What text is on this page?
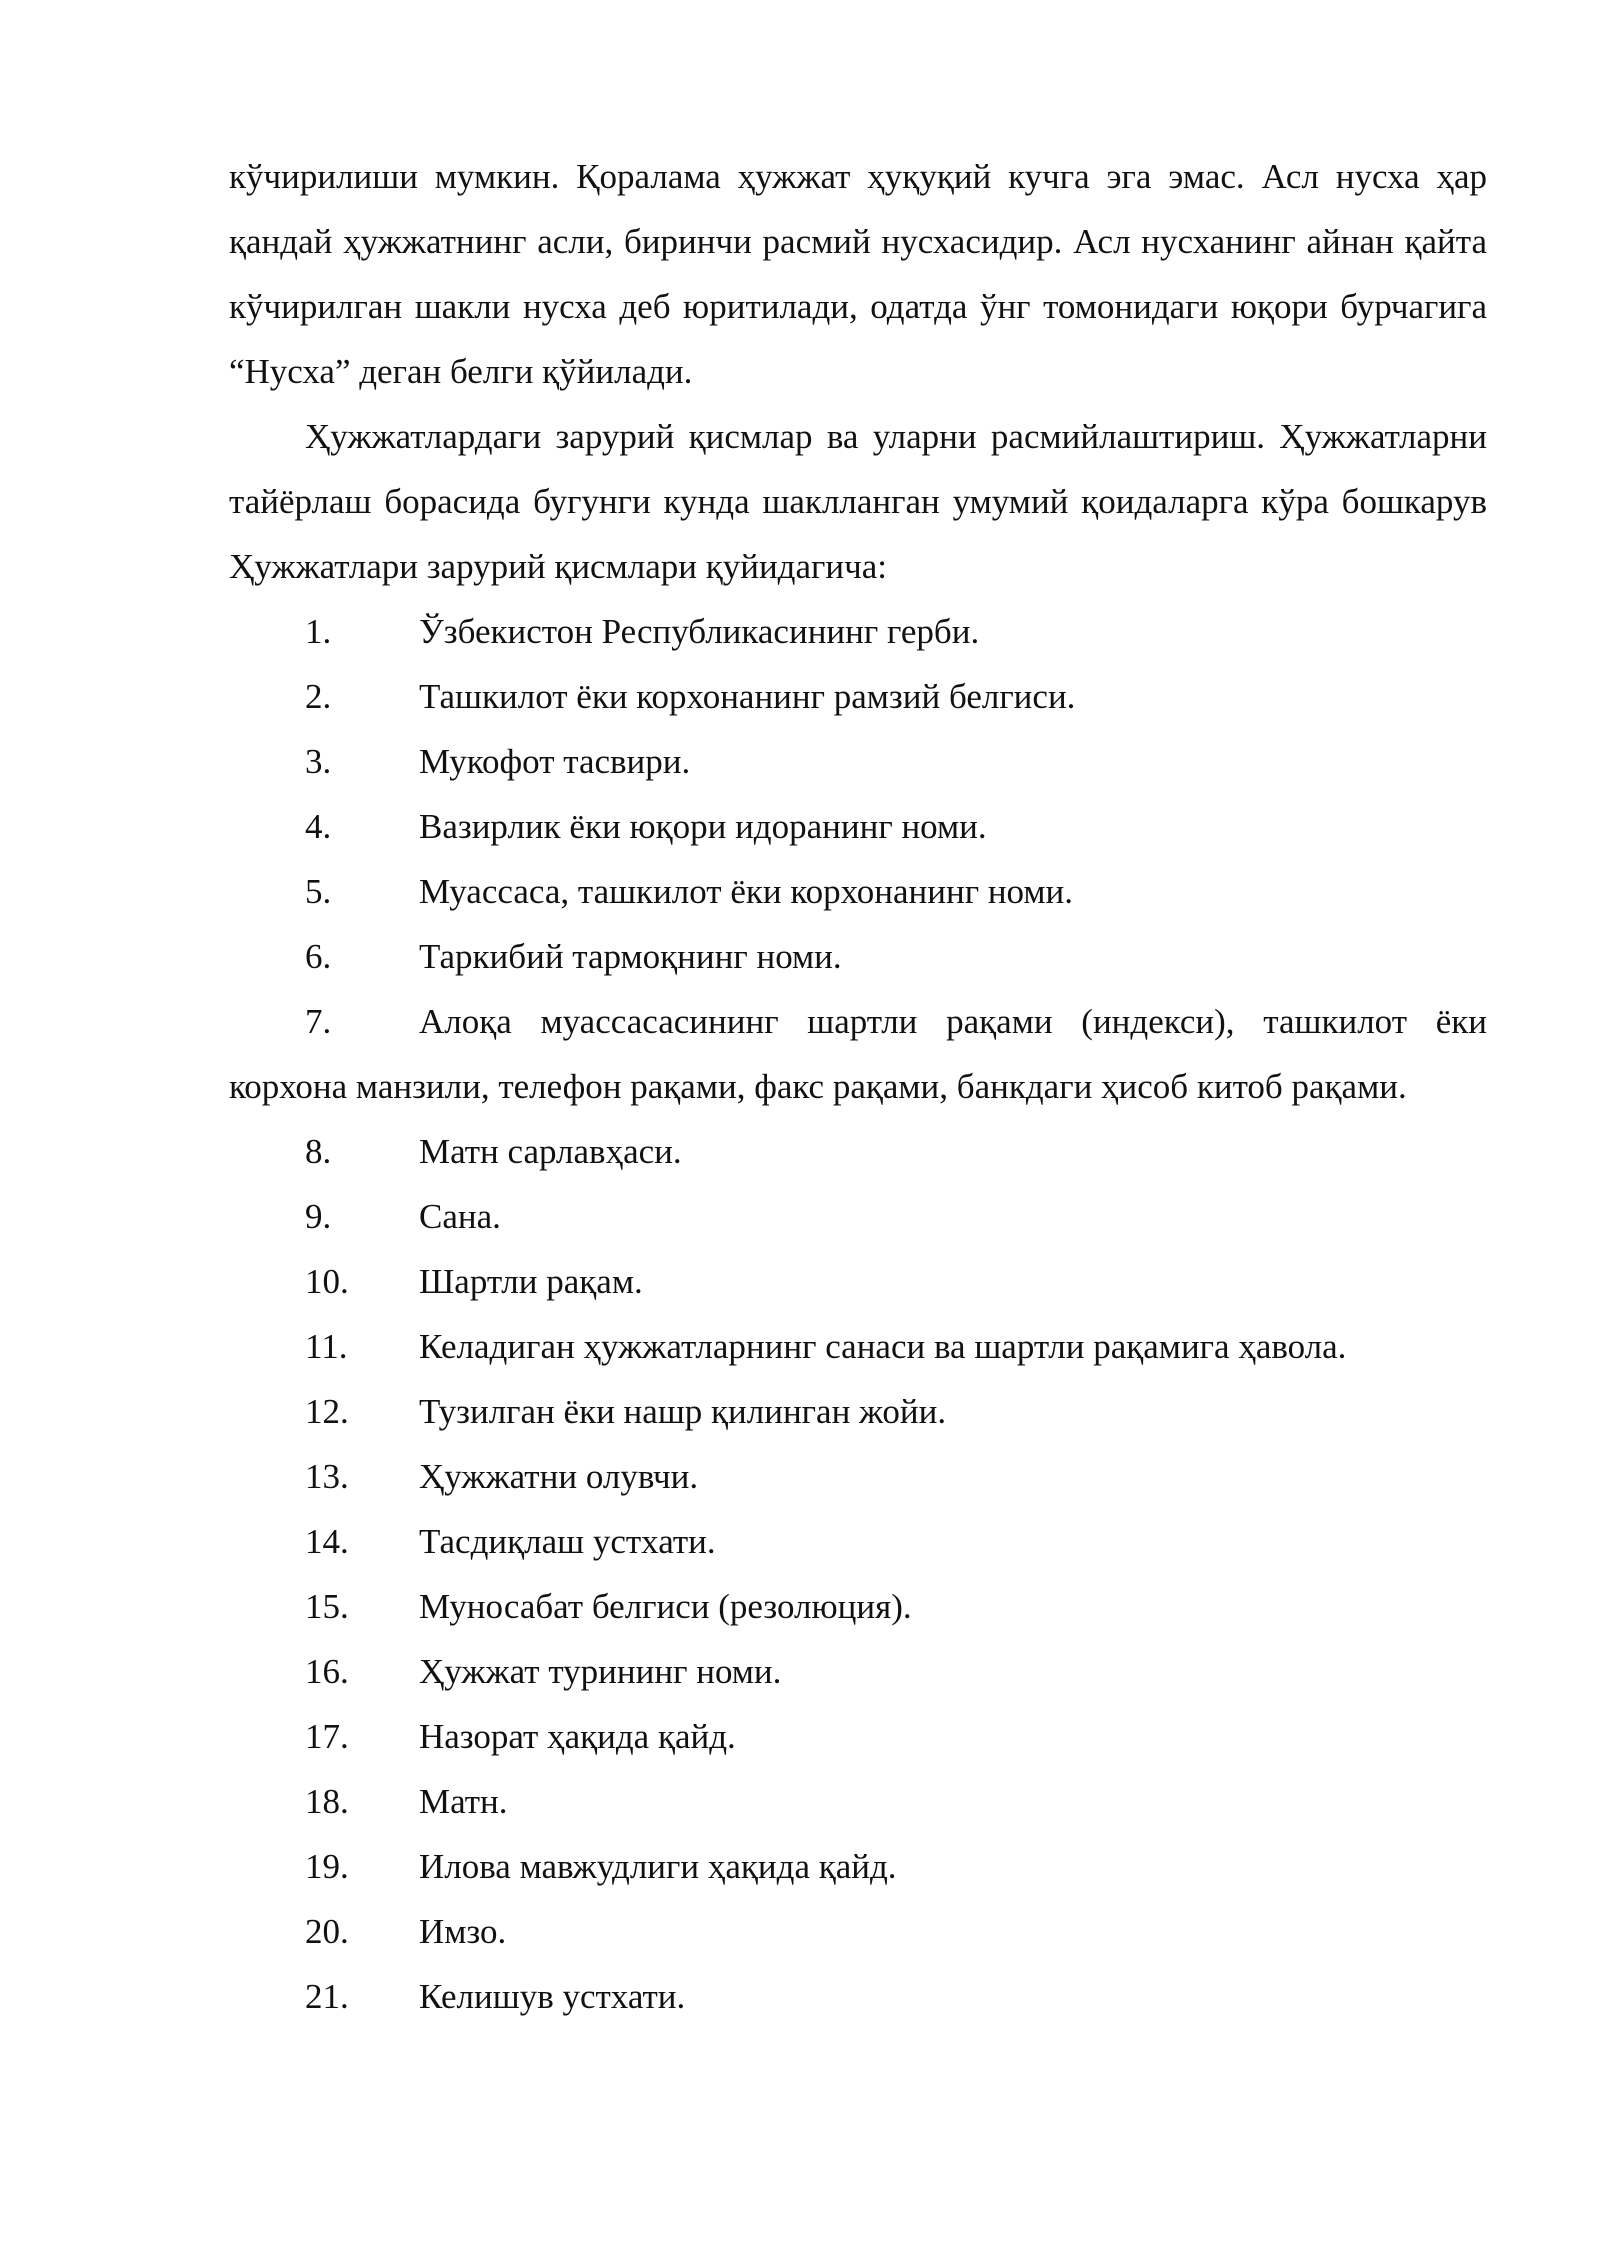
кўчирилиши мумкин. Қоралама ҳужжат ҳуқуқий кучга эга эмас. Асл нусха ҳар қандай ҳужжатнинг асли, биринчи расмий нусхасидир. Асл нусханинг айнан қайта кўчирилган шакли нусха деб юритилади, одатда ўнг томонидаги юқори бурчагига “Нусха” деган белги қўйилади.

Ҳужжатлардаги зарурий қисмлар ва уларни расмийлаштириш. Ҳужжатларни тайёрлаш борасида бугунги кунда шаклланган умумий қоидаларга кўра бошкарув Ҳужжатлари зарурий қисмлари қуйидагича:

1.	Ўзбекистон Республикасининг герби.
2.	Ташкилот ёки корхонанинг рамзий белгиси.
3.	Мукофот тасвири.
4.	Вазирлик ёки юқори идоранинг номи.
5.	Муассаса, ташкилот ёки корхонанинг номи.
6.	Таркибий тармоқнинг номи.
7.	Алоқа муассасасининг шартли рақами (индекси), ташкилот ёки корхона манзили, телефон рақами, факс рақами, банкдаги ҳисоб китоб рақами.
8.	Матн сарлавҳаси.
9.	Сана.
10. Шартли рақам.
11. Келадиган ҳужжатларнинг санаси ва шартли рақамига ҳавола.
12. Тузилган ёки нашр қилинган жойи.
13. Ҳужжатни олувчи.
14. Тасдиқлаш устхати.
15. Муносабат белгиси (резолюция).
16. Ҳужжат турининг номи.
17. Назорат ҳақида қайд.
18. Матн.
19. Илова мавжудлиги ҳақида қайд.
20. Имзо.
21. Келишув устхати.
